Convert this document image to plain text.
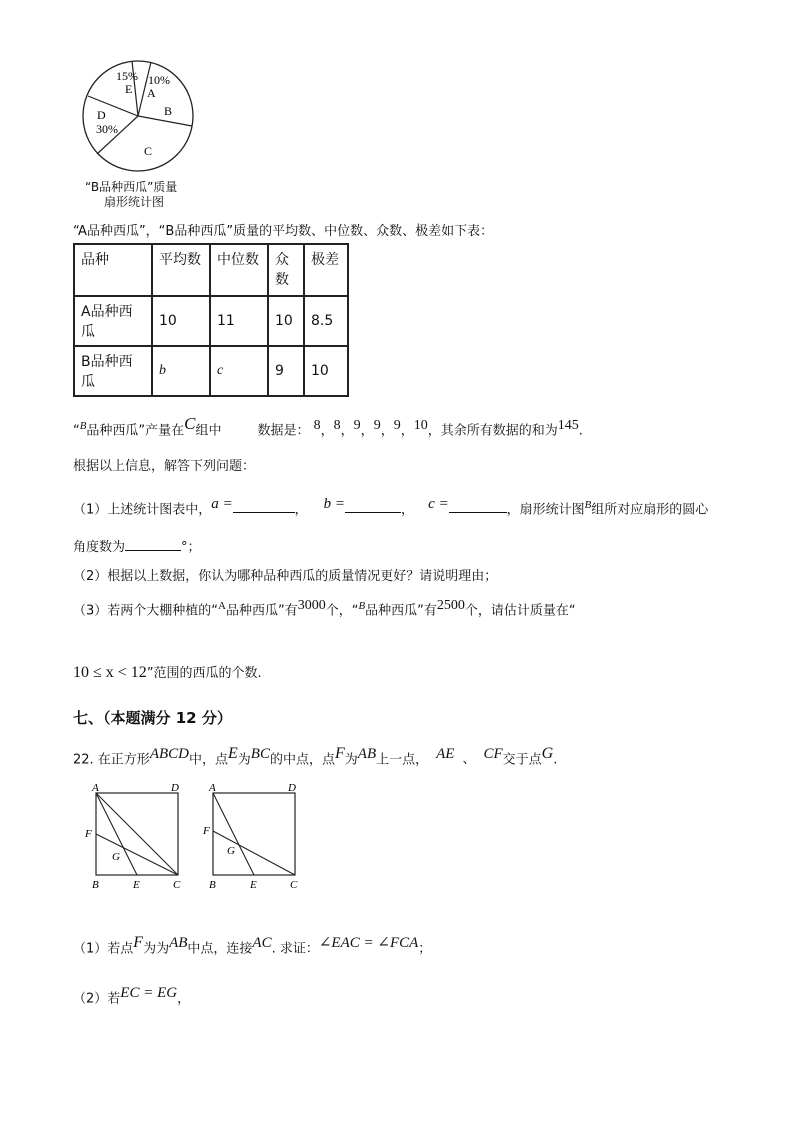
15%
E
10%
A
B
D
30%
C
“B品种西瓜”质量
扇形统计图
“A品种西瓜”，“B品种西瓜”质量的平均数、中位数、众数、极差如下表：
品种	平均数	中位数	众数	极差
A品种西瓜	10	11	10	8.5
B品种西瓜	b	c	9	10
“$^B$品种西瓜”产量在$^C$组中	数据是： $^8$，$^8$，$^9$，$^9$，$^9$，$^{10}$，其余所有数据的和为$^{145}$.
根据以上信息，解答下列问题：
（1）上述统计图表中，$^{a =}$	， $^{b =}$	， $^{c =}$	，扇形统计图$^B$组所对应扇形的圆心
角度数为	°；
（2）根据以上数据，你认为哪种品种西瓜的质量情况更好？请说明理由；
（3）若两个大棚种植的“$^A$品种西瓜”有$^{3000}$个，“$^B$品种西瓜”有$^{2500}$个，请估计质量在“
10 ≤ x < 12”范围的西瓜的个数.
七、（本题满分 12 分）
22. 在正方形$^{ABCD}$中，点$^E$为$^{BC}$的中点，点$^F$为$^{AB}$上一点， $^{AE}$ 、 $^{CF}$交于点$^G$.
A	D
F
G
B	E	C
A	D
F
G
B	E	C
（1）若点$^F$为为$^{AB}$中点，连接$^{AC}$. 求证：$^{\angle EAC = \angle FCA}$；
（2）若$^{EC = EG}$，
